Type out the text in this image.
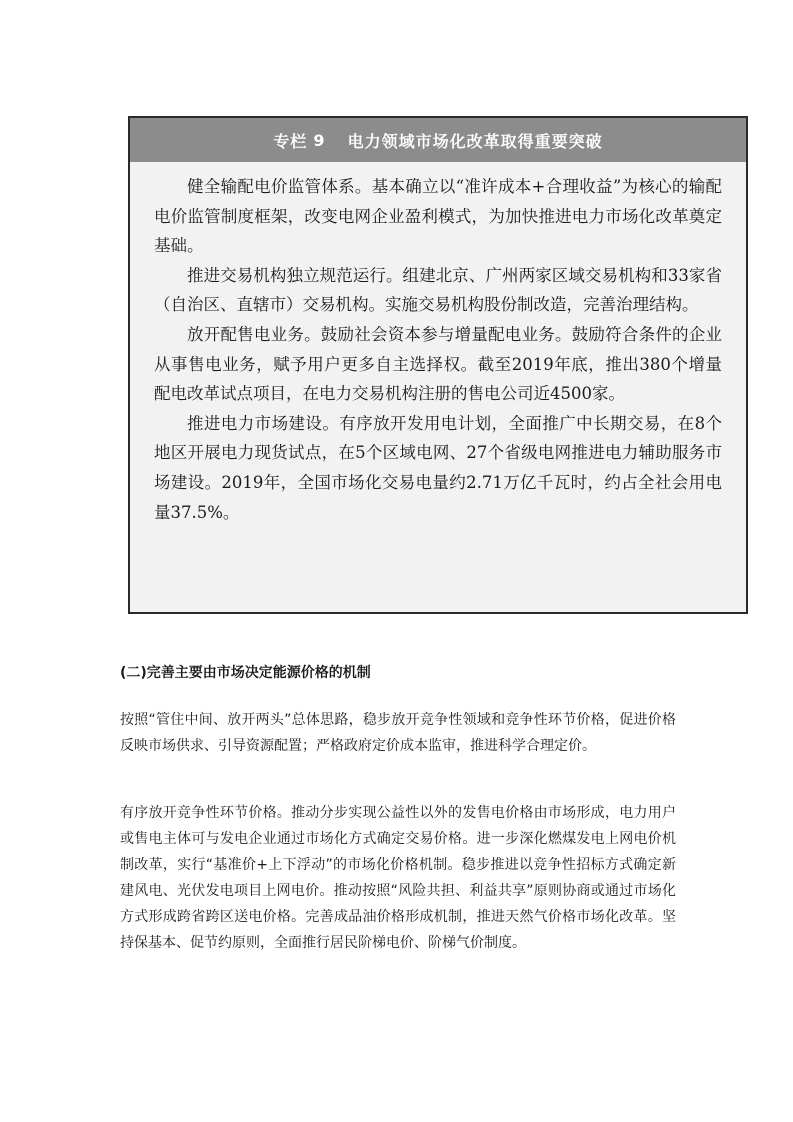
专栏 9 电力领域市场化改革取得重要突破

健全输配电价监管体系。基本确立以“准许成本+合理收益”为核心的输配电价监管制度框架，改变电网企业盈利模式，为加快推进电力市场化改革奠定基础。

推进交易机构独立规范运行。组建北京、广州两家区域交易机构和33家省（自治区、直辖市）交易机构。实施交易机构股份制改造，完善治理结构。

放开配售电业务。鼓励社会资本参与增量配电业务。鼓励符合条件的企业从事售电业务，赋予用户更多自主选择权。截至2019年底，推出380个增量配电改革试点项目，在电力交易机构注册的售电公司近4500家。

推进电力市场建设。有序放开发用电计划，全面推广中长期交易，在8个地区开展电力现货试点，在5个区域电网、27个省级电网推进电力辅助服务市场建设。2019年，全国市场化交易电量约2.71万亿千瓦时，约占全社会用电量37.5%。

(二)完善主要由市场决定能源价格的机制

按照“管住中间、放开两头”总体思路，稳步放开竞争性领域和竞争性环节价格，促进价格反映市场供求、引导资源配置；严格政府定价成本监审，推进科学合理定价。

有序放开竞争性环节价格。推动分步实现公益性以外的发售电价格由市场形成，电力用户或售电主体可与发电企业通过市场化方式确定交易价格。进一步深化燃煤发电上网电价机制改革，实行“基准价+上下浮动”的市场化价格机制。稳步推进以竞争性招标方式确定新建风电、光伏发电项目上网电价。推动按照“风险共担、利益共享”原则协商或通过市场化方式形成跨省跨区送电价格。完善成品油价格形成机制，推进天然气价格市场化改革。坚持保基本、促节约原则，全面推行居民阶梯电价、阶梯气价制度。
